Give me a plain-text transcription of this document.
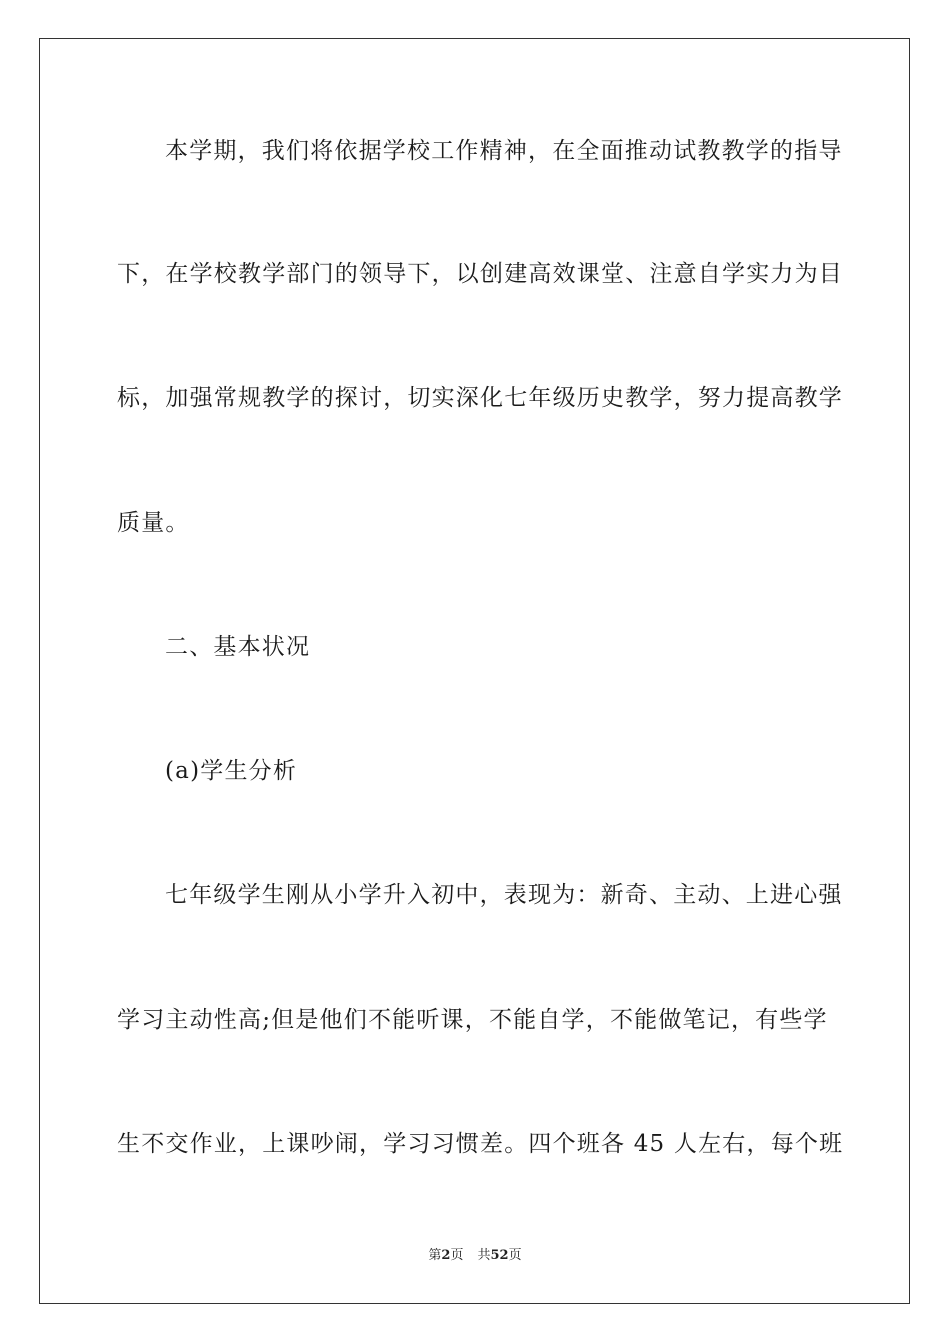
本学期，我们将依据学校工作精神，在全面推动试教教学的指导
下，在学校教学部门的领导下，以创建高效课堂、注意自学实力为目
标，加强常规教学的探讨，切实深化七年级历史教学，努力提高教学
质量。
二、基本状况
(a)学生分析
七年级学生刚从小学升入初中，表现为：新奇、主动、上进心强
学习主动性高;但是他们不能听课，不能自学，不能做笔记，有些学
生不交作业，上课吵闹，学习习惯差。四个班各 45 人左右，每个班
第2页 共52页
